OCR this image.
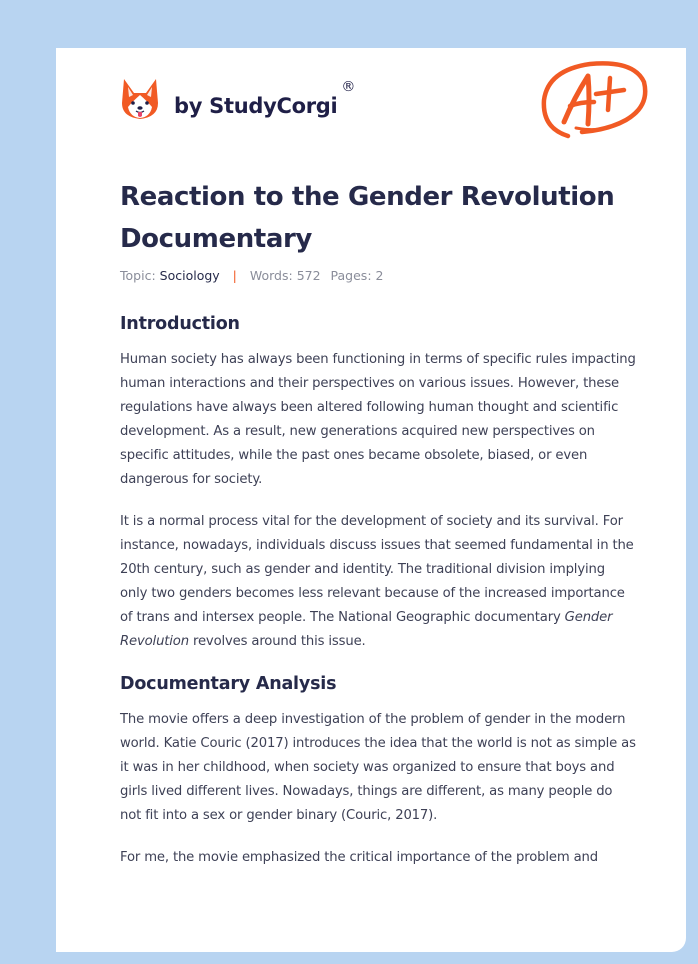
by StudyCorgi
®
Reaction to the Gender Revolution Documentary
Topic: Sociology | Words: 572 Pages: 2
Introduction

Human society has always been functioning in terms of specific rules impacting human interactions and their perspectives on various issues. However, these regulations have always been altered following human thought and scientific development. As a result, new generations acquired new perspectives on specific attitudes, while the past ones became obsolete, biased, or even dangerous for society.

It is a normal process vital for the development of society and its survival. For instance, nowadays, individuals discuss issues that seemed fundamental in the 20th century, such as gender and identity. The traditional division implying only two genders becomes less relevant because of the increased importance of trans and intersex people. The National Geographic documentary Gender Revolution revolves around this issue.

Documentary Analysis

The movie offers a deep investigation of the problem of gender in the modern world. Katie Couric (2017) introduces the idea that the world is not as simple as it was in her childhood, when society was organized to ensure that boys and girls lived different lives. Nowadays, things are different, as many people do not fit into a sex or gender binary (Couric, 2017).

For me, the movie emphasized the critical importance of the problem and
